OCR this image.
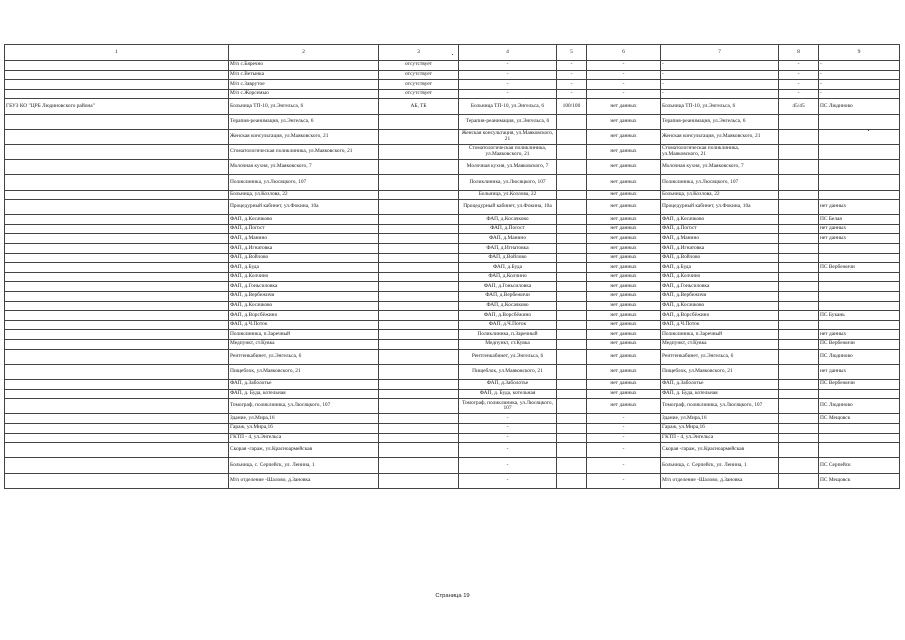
1	2	3	4	5	6	7	8	9
	М/п с.Бяречно	отсутствует	-	-	-	-	-	-
	М/п с.Ветынка	отсутствует	-	-	-	-	-	-
	М/п с.Заврутое	отсутствует	-	-	-	-	-	-
	М/п с.Жорсемыо	отсутствует	-	-	-	-	-	-
ГБУЗ КО "ЦРБ Людиновского района"	Больница ТП-10, ул.Энгельса, 6	АБ, ТБ	Больница ТП-10, ул.Энгельса, 6	100/100	нет данных	Больница ТП-10, ул.Энгельса, 6	45/45	ПС Людиново
	Терапия-реанимация, ул.Энгельса, 6		Терапия-реанимация, ул.Энгельса, 6		нет данных	Терапия-реанимация, ул.Энгельса, 6		
	Женская консультация, ул.Маяковского, 21		Женская консультация, ул.Маяковского, 21		нет данных	Женская консультация, ул.Маяковского, 21		
	Стоматологическая поликлиника, ул.Маяковского, 21		Стоматологическая поликлиника, ул.Маяковского, 21		нет данных	Стоматологическая поликлиника, ул.Маяковского, 21		
	Молочная кухня, ул.Маяковского, 7		Молочная кухня, ул.Маяковского, 7		нет данных	Молочная кухня, ул.Маяковского, 7		
	Поликлиника, ул.Люсяцкого, 107		Поликлиника, ул.Люсяцкого, 107		нет данных	Поликлиника, ул.Люсяцкого, 107		
	Больница, ул.Козлова, 22		Больница, ул.Козлова, 22		нет данных	Больница, ул.Козлова, 22		
	Процедурный кабинет, ул.Фокина, 10а		Процедурный кабинет, ул.Фокина, 10а		нет данных	Процедурный кабинет, ул.Фокина, 10а		нет данных
	ФАП, д.Косачково		ФАП, д.Косачково		нет данных	ФАП, д.Косачково		ПС Белая
	ФАП, д.Погост		ФАП, д.Погост		нет данных	ФАП, д.Погост		нет данных
	ФАП, д.Манино		ФАП, д.Манино		нет данных	ФАП, д.Манино		нет данных
	ФАП, д.Игнатовка		ФАП, д.Игнатовка		нет данных	ФАП, д.Игнатовка		
	ФАП, д.Войлово		ФАП, д.Войлово		нет данных	ФАП, д.Войлово		
	ФАП, д.Буда		ФАП, д.Буда		нет данных	ФАП, д.Буда		ПС Вербежичи
	ФАП, д.Колчино		ФАП, д.Колчино		нет данных	ФАП, д.Колчино		
	ФАП, д.Гоньсиловка		ФАП, д.Гоньсиловка		нет данных	ФАП, д.Гоньсиловка		
	ФАП, д.Вербежичи		ФАП, д.Вербежичи		нет данных	ФАП, д.Вербежичи		
	ФАП, д.Косачково		ФАП, д.Косачково		нет данных	ФАП, д.Косачково		
	ФАП, д.Ворсбёжино		ФАП, д.Ворсбёжино		нет данных	ФАП, д.Ворсбёжино		ПС Букань
	ФАП, д.Ч.Поток		ФАП, д.Ч.Поток		нет данных	ФАП, д.Ч.Поток		
	Поликлиника, п.Заречный		Поликлиника, п.Заречный		нет данных	Поликлиника, п.Заречный		нет данных
	Медпункт, ст.Кувка		Медпункт, ст.Кувка		нет данных	Медпункт, ст.Кувка		ПС Вербежичи
	Рентгенкабинет, ул.Энгельса, 6		Рентгенкабинет, ул.Энгельса, 6		нет данных	Рентгенкабинет, ул.Энгельса, 6		ПС Людиново
	Пищеблок, ул.Маяковского, 21		Пищеблок, ул.Маяковского, 21		нет данных	Пищеблок, ул.Маяковского, 21		нет данных
	ФАП, д.Заболотье		ФАП, д.Заболотье		нет данных	ФАП, д.Заболотье		ПС Вербежичи
	ФАП, д. Буда, котельная		ФАП, д. Буда, котельная		нет данных	ФАП, д. Буда, котельная		
	Томограф, поликлиника, ул.Люсяцкого, 107		Томограф, поликлиника, ул.Люсяцкого, 107		нет данных	Томограф, поликлиника, ул.Люсяцкого, 107		ПС Людиново
	Здание, ул.Мира,16		-		-	Здание, ул.Мира,16		ПС Мещовск
	Гараж, ул.Мира,16		-		-	Гараж, ул.Мира,16		
	ГКТП - 4, ул.Энгельса		-		-	ГКТП - 4, ул.Энгельса		
	Скорая -гараж, ул.Красноармейская		-		-	Скорая -гараж, ул.Красноармейская		
	Больница, с. Серпейск, ул. Ленина, 1		-		-	Больница, с. Серпейск, ул. Ленина, 1		ПС Серпейск
	М/п отделение -Шалово, д.Зановка		-		-	М/п отделение -Шалово, д.Зановка		ПС Мещовск
Страница 19
